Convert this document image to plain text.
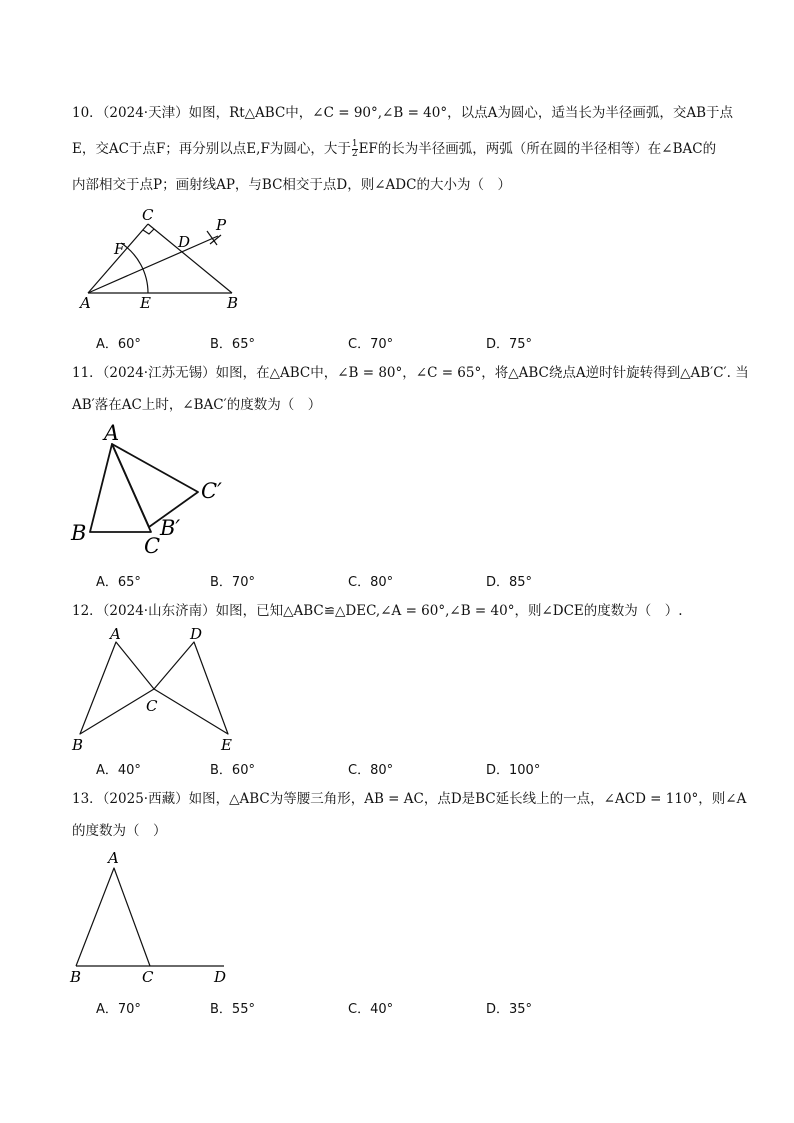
10．（2024·天津）如图，Rt△ABC中，∠C = 90°,∠B = 40°，以点A为圆心，适当长为半径画弧，交AB于点
E，交AC于点F；再分别以点E,F为圆心，大于 $\frac{1}{2}$ EF的长为半径画弧，两弧（所在圆的半径相等）在∠BAC的
内部相交于点P；画射线AP，与BC相交于点D，则∠ADC的大小为（　）
C
P
F	D
A	E	B
A．60°	B．65°	C．70°	D．75°
11．（2024·江苏无锡）如图，在△ABC中，∠B = 80°，∠C = 65°，将△ABC绕点A逆时针旋转得到△AB′C′. 当
AB′落在AC上时，∠BAC′的度数为（　）
A
C′
B′
B
C
A．65°	B．70°	C．80°	D．85°
12．（2024·山东济南）如图，已知△ABC≌△DEC,∠A = 60°,∠B = 40°，则∠DCE的度数为（　）.
A	D
C
B	E
A．40°	B．60°	C．80°	D．100°
13．（2025·西藏）如图，△ABC为等腰三角形，AB = AC，点D是BC延长线上的一点，∠ACD = 110°，则∠A
的度数为（　）
A
B	C	D
A．70°	B．55°	C．40°	D．35°
